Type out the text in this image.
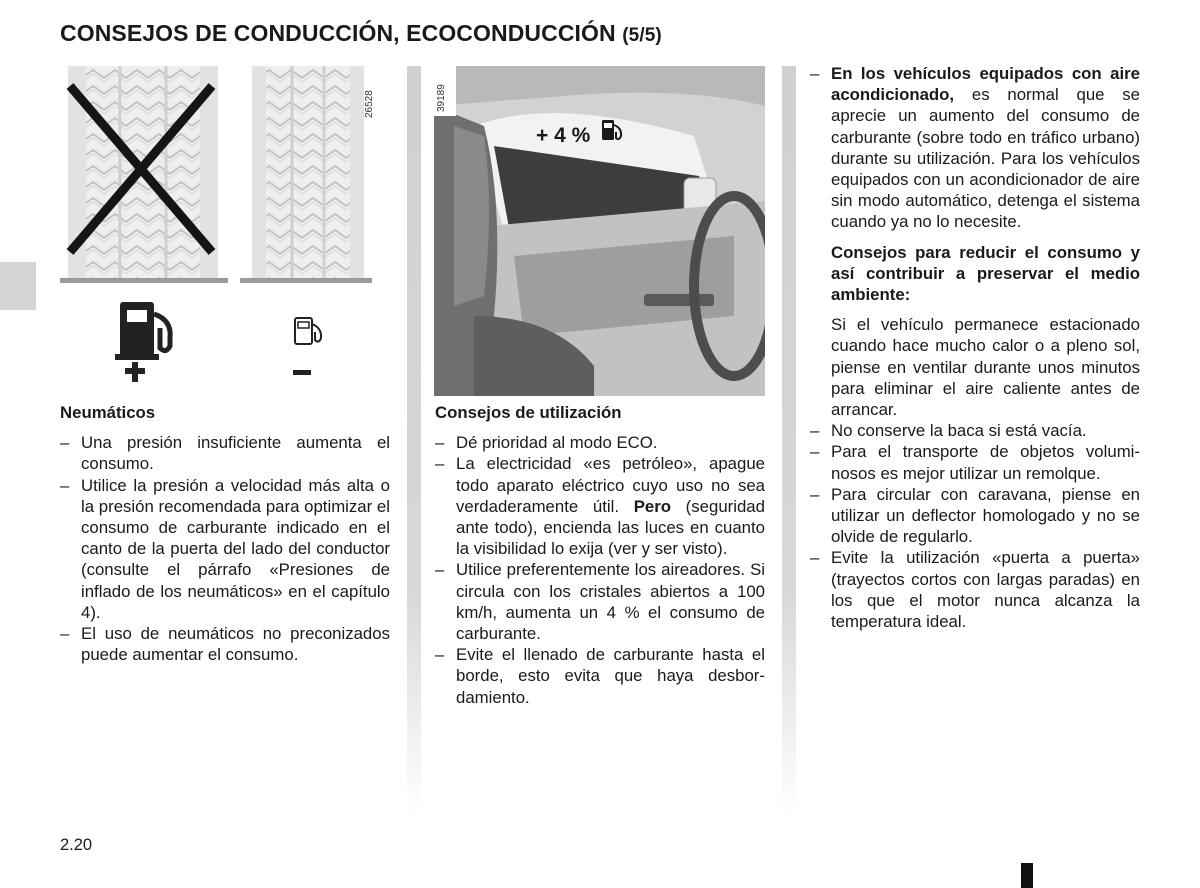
CONSEJOS DE CONDUCCIÓN, ECOCONDUCCIÓN (5/5)
26528
+ 4 %
39189
Neumáticos
– Una presión insuficiente aumenta el consumo.
– Utilice la presión a velocidad más alta o la presión recomendada para optimizar el consumo de carburante indicado en el canto de la puerta del lado del conductor (consulte el párrafo «Presiones de inflado de los neumáticos» en el capítulo 4).
– El uso de neumáticos no preconizados puede aumentar el consumo.
Consejos de utilización
– Dé prioridad al modo ECO.
– La electricidad «es petróleo», apague todo aparato eléctrico cuyo uso no sea verdaderamente útil. Pero (seguridad ante todo), encienda las luces en cuanto la visibilidad lo exija (ver y ser visto).
– Utilice preferentemente los aireadores. Si circula con los cristales abiertos a 100 km/h, aumenta un 4 % el consumo de carburante.
– Evite el llenado de carburante hasta el borde, esto evita que haya desbordamiento.
– En los vehículos equipados con aire acondicionado, es normal que se aprecie un aumento del consumo de carburante (sobre todo en tráfico urbano) durante su utilización. Para los vehículos equipados con un acondicionador de aire sin modo automático, detenga el sistema cuando ya no lo necesite.
Consejos para reducir el consumo y así contribuir a preservar el medio ambiente:
Si el vehículo permanece estacionado cuando hace mucho calor o a pleno sol, piense en ventilar durante unos minutos para eliminar el aire caliente antes de arrancar.
– No conserve la baca si está vacía.
– Para el transporte de objetos voluminosos es mejor utilizar un remolque.
– Para circular con caravana, piense en utilizar un deflector homologado y no se olvide de regularlo.
– Evite la utilización «puerta a puerta» (trayectos cortos con largas paradas) en los que el motor nunca alcanza la temperatura ideal.
2.20
